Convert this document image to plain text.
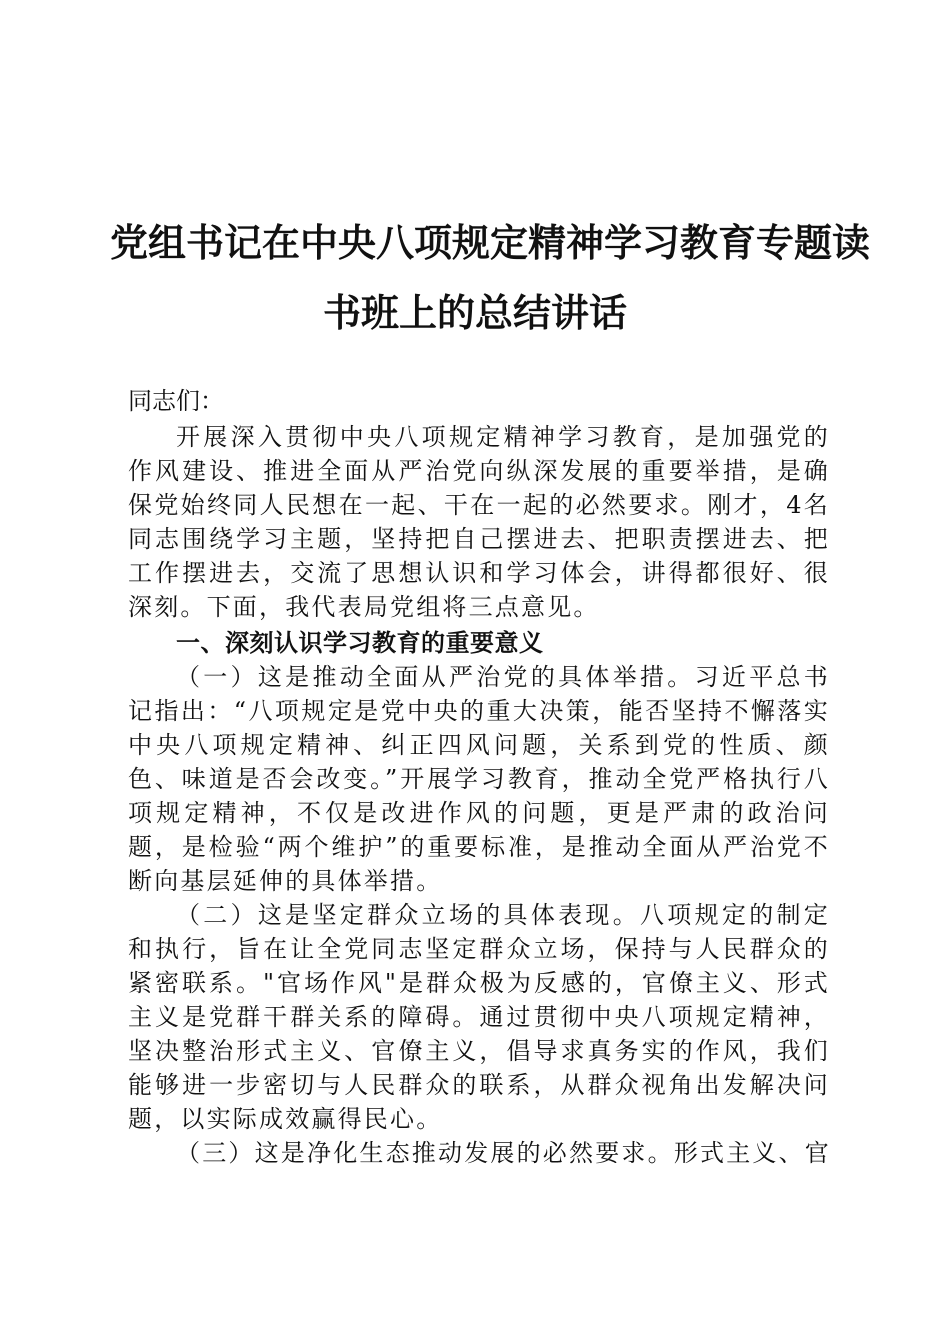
党组书记在中央八项规定精神学习教育专题读
书班上的总结讲话

同志们：

开展深入贯彻中央八项规定精神学习教育，是加强党的作风建设、推进全面从严治党向纵深发展的重要举措，是确保党始终同人民想在一起、干在一起的必然要求。刚才，4名同志围绕学习主题，坚持把自己摆进去、把职责摆进去、把工作摆进去，交流了思想认识和学习体会，讲得都很好、很深刻。下面，我代表局党组将三点意见。

一、深刻认识学习教育的重要意义

（一）这是推动全面从严治党的具体举措。习近平总书记指出：“八项规定是党中央的重大决策，能否坚持不懈落实中央八项规定精神、纠正四风问题，关系到党的性质、颜色、味道是否会改变。”开展学习教育，推动全党严格执行八项规定精神，不仅是改进作风的问题，更是严肃的政治问题，是检验“两个维护”的重要标准，是推动全面从严治党不断向基层延伸的具体举措。

（二）这是坚定群众立场的具体表现。八项规定的制定和执行，旨在让全党同志坚定群众立场，保持与人民群众的紧密联系。"官场作风"是群众极为反感的，官僚主义、形式主义是党群干群关系的障碍。通过贯彻中央八项规定精神，坚决整治形式主义、官僚主义，倡导求真务实的作风，我们能够进一步密切与人民群众的联系，从群众视角出发解决问题，以实际成效赢得民心。

（三）这是净化生态推动发展的必然要求。形式主义、官
